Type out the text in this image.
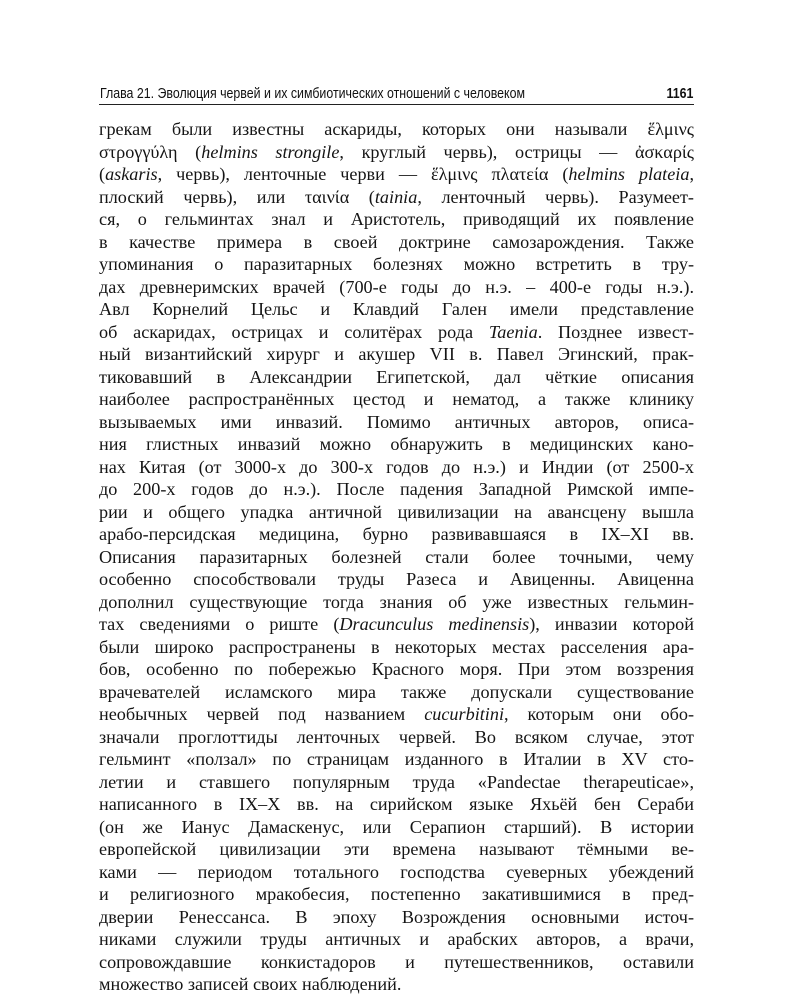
Глава 21. Эволюция червей и их симбиотических отношений с человеком	1161
грекам были известны аскариды, которых они называли ἕλμινς
στρογγύλη (helmins strongile, круглый червь), острицы — ἀσκαρίς
(askaris, червь), ленточные черви — ἕλμινς πλατεία (helmins plateia,
плоский червь), или ταινία (tainia, ленточный червь). Разумеет-
ся, о гельминтах знал и Аристотель, приводящий их появление
в качестве примера в своей доктрине самозарождения. Также
упоминания о паразитарных болезнях можно встретить в тру-
дах древнеримских врачей (700-е годы до н.э. – 400-е годы н.э.).
Авл Корнелий Цельс и Клавдий Гален имели представление
об аскаридах, острицах и солитёрах рода Taenia. Позднее извест-
ный византийский хирург и акушер VII в. Павел Эгинский, прак-
тиковавший в Александрии Египетской, дал чёткие описания
наиболее распространённых цестод и нематод, а также клинику
вызываемых ими инвазий. Помимо античных авторов, описа-
ния глистных инвазий можно обнаружить в медицинских кано-
нах Китая (от 3000-х до 300-х годов до н.э.) и Индии (от 2500-х
до 200-х годов до н.э.). После падения Западной Римской импе-
рии и общего упадка античной цивилизации на авансцену вышла
арабо-персидская медицина, бурно развивавшаяся в IX–XI вв.
Описания паразитарных болезней стали более точными, чему
особенно способствовали труды Разеса и Авиценны. Авиценна
дополнил существующие тогда знания об уже известных гельмин-
тах сведениями о риште (Dracunculus medinensis), инвазии которой
были широко распространены в некоторых местах расселения ара-
бов, особенно по побережью Красного моря. При этом воззрения
врачевателей исламского мира также допускали существование
необычных червей под названием cucurbitini, которым они обо-
значали проглоттиды ленточных червей. Во всяком случае, этот
гельминт «ползал» по страницам изданного в Италии в XV сто-
летии и ставшего популярным труда «Pandectae therapeuticae»,
написанного в IX–X вв. на сирийском языке Яхьёй бен Сераби
(он же Ианус Дамаскенус, или Серапион старший). В истории
европейской цивилизации эти времена называют тёмными ве-
ками — периодом тотального господства суеверных убеждений
и религиозного мракобесия, постепенно закатившимися в пред-
дверии Ренессанса. В эпоху Возрождения основными источ-
никами служили труды античных и арабских авторов, а врачи,
сопровождавшие конкистадоров и путешественников, оставили
множество записей своих наблюдений.
